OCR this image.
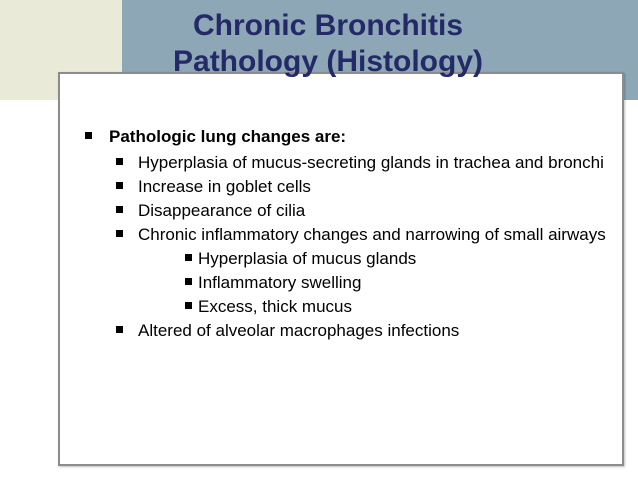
Chronic Bronchitis
Pathology (Histology)
Pathologic lung changes are:
Hyperplasia of mucus-secreting glands in trachea and bronchi
Increase in goblet cells
Disappearance of cilia
Chronic inflammatory changes and narrowing of small airways
Hyperplasia of mucus glands
Inflammatory swelling
Excess, thick mucus
Altered of alveolar macrophages infections
